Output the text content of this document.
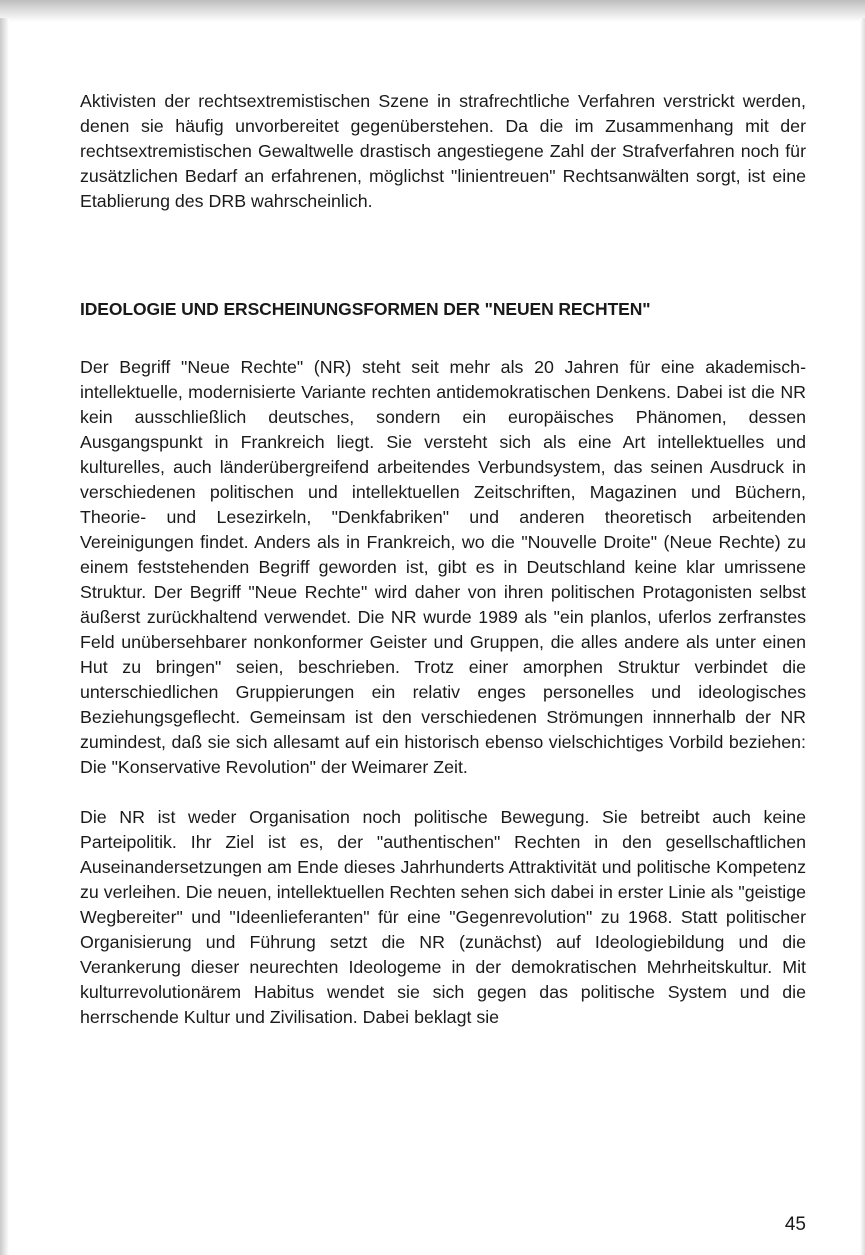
Aktivisten der rechtsextremistischen Szene in strafrechtliche Verfahren verstrickt werden, denen sie häufig unvorbereitet gegenüberstehen. Da die im Zusammenhang mit der rechtsextremistischen Gewaltwelle drastisch angestiegene Zahl der Strafverfahren noch für zusätzlichen Bedarf an erfahrenen, möglichst "linientreuen" Rechtsanwälten sorgt, ist eine Etablierung des DRB wahrscheinlich.

IDEOLOGIE UND ERSCHEINUNGSFORMEN DER "NEUEN RECHTEN"

Der Begriff "Neue Rechte" (NR) steht seit mehr als 20 Jahren für eine akademisch-intellektuelle, modernisierte Variante rechten antidemokratischen Denkens. Dabei ist die NR kein ausschließlich deutsches, sondern ein europäisches Phänomen, dessen Ausgangspunkt in Frankreich liegt. Sie versteht sich als eine Art intellektuelles und kulturelles, auch länderübergreifend arbeitendes Verbundsystem, das seinen Ausdruck in verschiedenen politischen und intellektuellen Zeitschriften, Magazinen und Büchern, Theorie- und Lesezirkeln, "Denkfabriken" und anderen theoretisch arbeitenden Vereinigungen findet. Anders als in Frankreich, wo die "Nouvelle Droite" (Neue Rechte) zu einem feststehenden Begriff geworden ist, gibt es in Deutschland keine klar umrissene Struktur. Der Begriff "Neue Rechte" wird daher von ihren politischen Protagonisten selbst äußerst zurückhaltend verwendet. Die NR wurde 1989 als "ein planlos, uferlos zerfranstes Feld unübersehbarer nonkonformer Geister und Gruppen, die alles andere als unter einen Hut zu bringen" seien, beschrieben. Trotz einer amorphen Struktur verbindet die unterschiedlichen Gruppierungen ein relativ enges personelles und ideologisches Beziehungsgeflecht. Gemeinsam ist den verschiedenen Strömungen innnerhalb der NR zumindest, daß sie sich allesamt auf ein historisch ebenso vielschichtiges Vorbild beziehen: Die "Konservative Revolution" der Weimarer Zeit.

Die NR ist weder Organisation noch politische Bewegung. Sie betreibt auch keine Parteipolitik. Ihr Ziel ist es, der "authentischen" Rechten in den gesellschaftlichen Auseinandersetzungen am Ende dieses Jahrhunderts Attraktivität und politische Kompetenz zu verleihen. Die neuen, intellektuellen Rechten sehen sich dabei in erster Linie als "geistige Wegbereiter" und "Ideenlieferanten" für eine "Gegenrevolution" zu 1968. Statt politischer Organisierung und Führung setzt die NR (zunächst) auf Ideologiebildung und die Verankerung dieser neurechten Ideologeme in der demokratischen Mehrheitskultur. Mit kulturrevolutionärem Habitus wendet sie sich gegen das politische System und die herrschende Kultur und Zivilisation. Dabei beklagt sie

45
